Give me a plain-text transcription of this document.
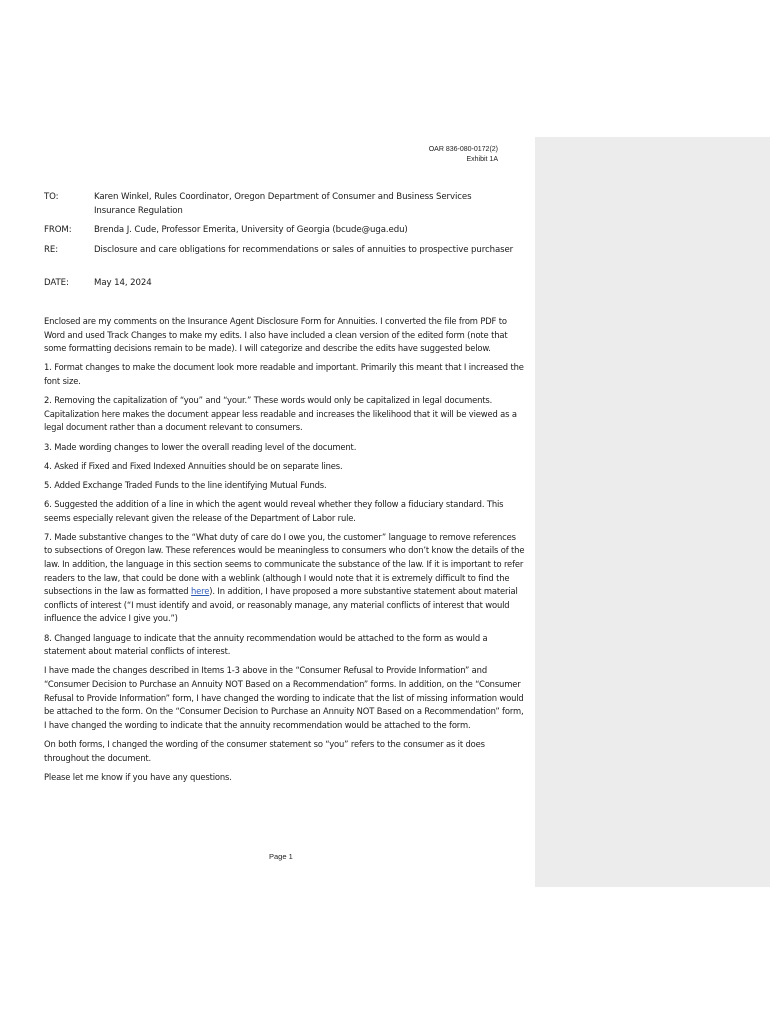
OAR 836-080-0172(2)
Exhibit 1A
TO:	Karen Winkel, Rules Coordinator, Oregon Department of Consumer and Business Services Insurance Regulation
FROM:	Brenda J. Cude, Professor Emerita, University of Georgia (bcude@uga.edu)
RE:	Disclosure and care obligations for recommendations or sales of annuities to prospective purchaser
DATE:	May 14, 2024

Enclosed are my comments on the Insurance Agent Disclosure Form for Annuities. I converted the file from PDF to Word and used Track Changes to make my edits. I also have included a clean version of the edited form (note that some formatting decisions remain to be made). I will categorize and describe the edits have suggested below.

1. Format changes to make the document look more readable and important. Primarily this meant that I increased the font size.

2. Removing the capitalization of “you” and “your.” These words would only be capitalized in legal documents. Capitalization here makes the document appear less readable and increases the likelihood that it will be viewed as a legal document rather than a document relevant to consumers.

3. Made wording changes to lower the overall reading level of the document.

4. Asked if Fixed and Fixed Indexed Annuities should be on separate lines.

5. Added Exchange Traded Funds to the line identifying Mutual Funds.

6. Suggested the addition of a line in which the agent would reveal whether they follow a fiduciary standard. This seems especially relevant given the release of the Department of Labor rule.

7. Made substantive changes to the “What duty of care do I owe you, the customer” language to remove references to subsections of Oregon law. These references would be meaningless to consumers who don’t know the details of the law. In addition, the language in this section seems to communicate the substance of the law. If it is important to refer readers to the law, that could be done with a weblink (although I would note that it is extremely difficult to find the subsections in the law as formatted here). In addition, I have proposed a more substantive statement about material conflicts of interest (“I must identify and avoid, or reasonably manage, any material conflicts of interest that would influence the advice I give you.”)

8. Changed language to indicate that the annuity recommendation would be attached to the form as would a statement about material conflicts of interest.

I have made the changes described in Items 1-3 above in the “Consumer Refusal to Provide Information” and “Consumer Decision to Purchase an Annuity NOT Based on a Recommendation” forms. In addition, on the “Consumer Refusal to Provide Information” form, I have changed the wording to indicate that the list of missing information would be attached to the form. On the “Consumer Decision to Purchase an Annuity NOT Based on a Recommendation” form, I have changed the wording to indicate that the annuity recommendation would be attached to the form.

On both forms, I changed the wording of the consumer statement so “you” refers to the consumer as it does throughout the document.

Please let me know if you have any questions.

Page 1
